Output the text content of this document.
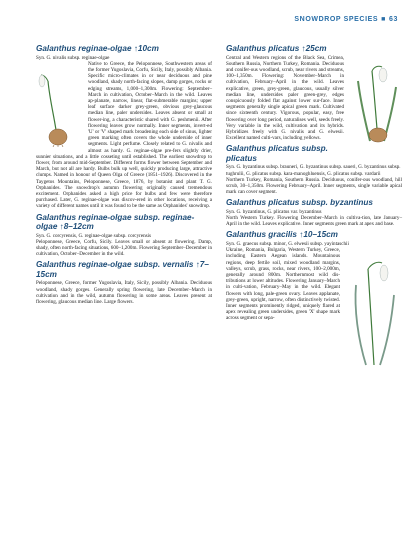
SNOWDROP SPECIES ■ 63
Galanthus reginae-olgae ↑10cm
Syn. G. nivalis subsp. reginae-olgae

Native to Greece, the Peloponnese, Southwestern areas of the former Yugoslavia, Corfu, Sicily, Italy, possibly Albania. Specific micro-climates in or near deciduous and pine woodland, shady north-facing slopes, damp gorges, rocks or edging streams, 1,000–1,300m. Flowering: September–March in cultivation, October–March in the wild. Leaves ap-planate, narrow, linear, flat-submerable margins; upper leaf surface darker grey-green, obvious grey-glaucous median line, paler undersides. Leaves absent or small at flower-ing, a characteristic shared with G. peshmenii. After flowering leaves grow normally. Inner segments, invert-ed 'U' or 'V' shaped mark broadening each side of sinus, lighter green marking often covers the whole underside of inner segments. Light perfume. Closely related to G. nivalis and almost as hardy. G. reginae-olgae pre-fers slightly drier, sunnier situations, and a little cosseting until established. The earliest snowdrop to flower, from around mid-September. Different forms flower between September and March, but not all are hardy. Bulbs bulk up well, quickly producing large, attractive clumps. Named in honour of Queen Olga of Greece (1851–1926). Discovered in the Taygetos Mountains, Peloponnese, Greece, 1876, by botanist and plant T. G. Orphanides. The snowdrop's autumn flowering originally caused tremendous excitement. Orphanides asked a high price for bulbs and few were therefore purchased. Later, G. reginae-olgae was discov-ered in other locations, receiving a variety of different names until it was found to be the same as Orphanides' snowdrop.

Galanthus reginae-olgae subsp. reginae-olgae ↑8–12cm
Syn. G. corcyrensis, G. reginae-olgae subsp. corcyrensis

Peloponnese, Greece, Corfu, Sicily. Leaves small or absent at flowering. Damp, shady, often north-facing situations, 600–1,200m. Flowering September–December in cultivation, October–December in the wild.

Galanthus reginae-olgae subsp. vernalis ↑7–15cm

Peloponnese, Greece, former Yugoslavia, Italy, Sicily, possibly Albania. Deciduous woodland, shady gorges. Generally spring flowering, late December–March in cultivation and in the wild, autumn flowering in some areas. Leaves present at flowering, glaucous median line. Large flowers.

Galanthus plicatus ↑25cm

Central and Western regions of the Black Sea, Crimea, Southern Russia, Northern Turkey, Romania. Deciduous and conifer-ous woodland, scrub, near rivers and streams, 100–1,350m. Flowering: November–March in cultivation, February–April in the wild. Leaves explicative, green, grey-green, glaucous, usually silver median line, undersides paler green-grey, edges conspicuously folded flat against lower sur-face. Inner segments generally single apical green mark. Cultivated since sixteenth century. Vigorous, popular, easy, free flowering over long period, naturalises well, seeds freely. Very variable in the wild, cultivation and its hybrids. Hybridizes freely with G. nivalis and G. elwesii. Excellent named culti-vars, including yellows.

Galanthus plicatus subsp. plicatus
Syn. G. byzantinus subsp. brauneri, G. byzantinus subsp. saueri, G. byzantinus subsp. tughrulii, G. plicatus subsp. kara-manoghluensis, G. plicatus subsp. vardarii

Northern Turkey, Romania, Southern Russia. Deciduous, conifer-ous woodland, hill scrub, 30–1,350m. Flowering February–April. Inner segments, single variable apical mark can cover segment.

Galanthus plicatus subsp. byzantinus
Syn. G. byzantinus, G. plicatus var. byzantinus

North Western Turkey. Flowering December–March in cultiva-tion, late January–April in the wild. Leaves explicative. Inner segments green mark at apex and base.

Galanthus gracilis ↑10–15cm
Syn. G. graecus subsp. minor, G. elwesii subsp. yayintaschii

Ukraine, Romania, Bulgaria, Western Turkey, Greece, including Eastern Aegean islands. Mountainous regions, deep fertile soil, mixed woodland margins, valleys, scrub, grass, rocks, near rivers, 100–2,000m, generally around 800m. Northernmost wild dis-tributions at lower altitudes. Flowering January–March in culti-vation, February–May in the wild. Elegant flowers with long, pale-green ovary. Leaves applanate, grey-green, upright, narrow, often distinctively twisted. Inner segments prominently ridged, uniquely flared at apex revealing green undersides, green 'X' shape mark across segment or sepa-
